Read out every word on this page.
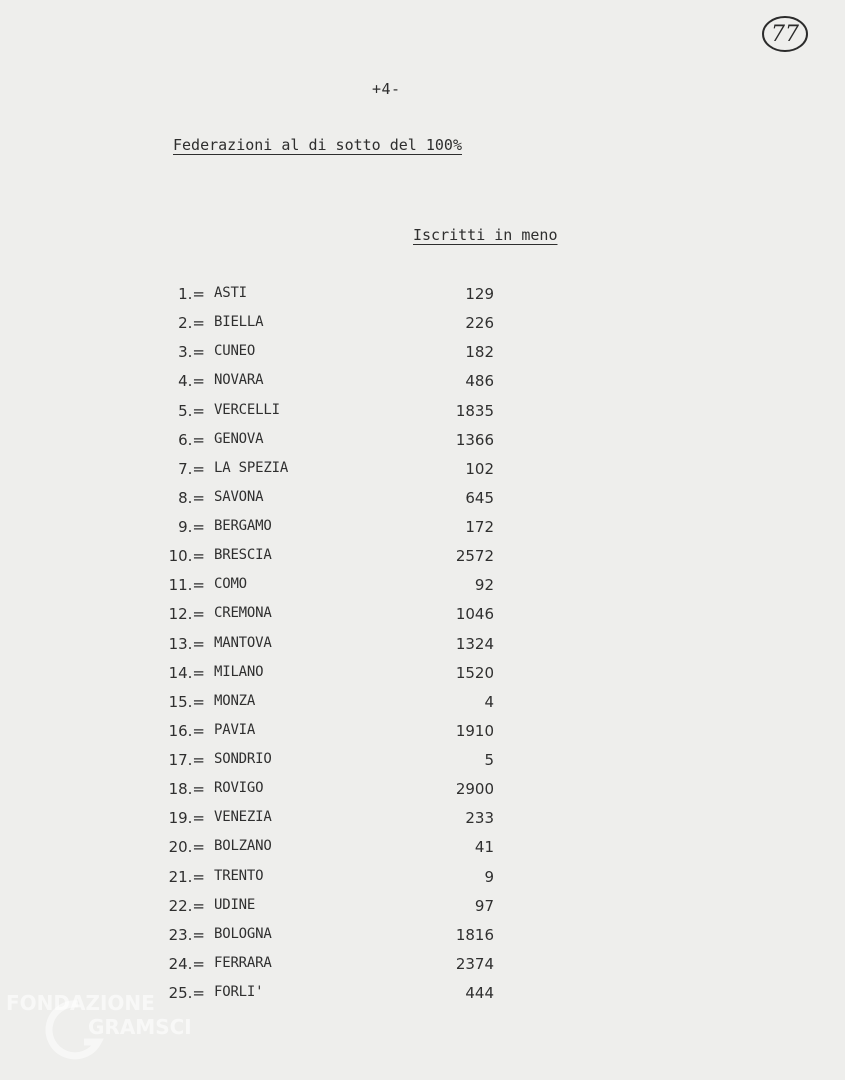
+4-
77
Federazioni al di sotto del 100%
Iscritti in meno
1.= ASTI	129
2.= BIELLA	226
3.= CUNEO	182
4.= NOVARA	486
5.= VERCELLI	1835
6.= GENOVA	1366
7.= LA SPEZIA	102
8.= SAVONA	645
9.= BERGAMO	172
10.= BRESCIA	2572
11.= COMO	92
12.= CREMONA	1046
13.= MANTOVA	1324
14.= MILANO	1520
15.= MONZA	4
16.= PAVIA	1910
17.= SONDRIO	5
18.= ROVIGO	2900
19.= VENEZIA	233
20.= BOLZANO	41
21.= TRENTO	9
22.= UDINE	97
23.= BOLOGNA	1816
24.= FERRARA	2374
25.= FORLI'	444
FONDAZIONE
GRAMSCI
